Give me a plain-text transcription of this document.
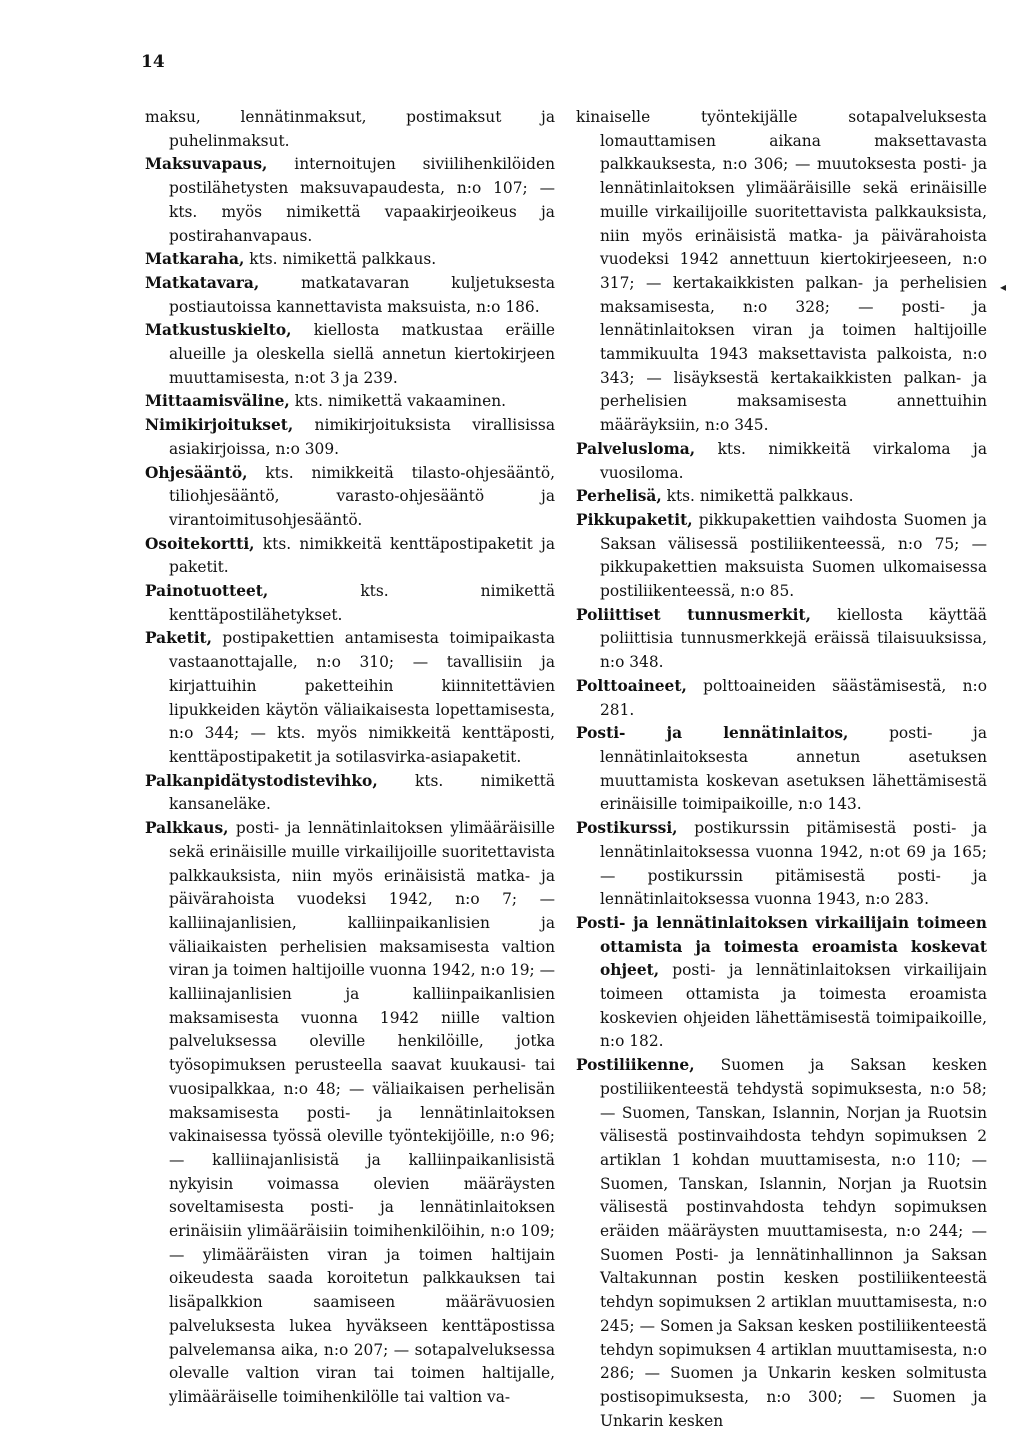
14

maksu, lennätinmaksut, postimaksut ja puhelinmaksut.

Maksuvapaus, internoitujen siviilihenkilöiden postilähetysten maksuvapaudesta, n:o 107; — kts. myös nimikettä vapaakirjeoikeus ja postirahanvapaus.

Matkaraha, kts. nimikettä palkkaus.

Matkatavara, matkatavaran kuljetuksesta postiautoissa kannettavista maksuista, n:o 186.

Matkustuskielto, kiellosta matkustaa eräille alueille ja oleskella siellä annetun kiertokirjeen muuttamisesta, n:ot 3 ja 239.

Mittaamisväline, kts. nimikettä vakaaminen.

Nimikirjoitukset, nimikirjoituksista virallisissa asiakirjoissa, n:o 309.

Ohjesääntö, kts. nimikkeitä tilasto-ohjesääntö, tiliohjesääntö, varasto-ohjesääntö ja virantoimitusohjesääntö.

Osoitekortti, kts. nimikkeitä kenttäpostipaketit ja paketit.

Painotuotteet, kts. nimikettä kenttäpostilähetykset.

Paketit, postipakettien antamisesta toimipaikasta vastaanottajalle, n:o 310; — tavallisiin ja kirjattuihin paketteihin kiinnitettävien lipukkeiden käytön väliaikaisesta lopettamisesta, n:o 344; — kts. myös nimikkeitä kenttäposti, kenttäpostipaketit ja sotilasvirka-asiapaketit.

Palkanpidätystodistevihko, kts. nimikettä kansaneläke.

Palkkaus, posti- ja lennätinlaitoksen ylimääräisille sekä erinäisille muille virkailijoille suoritettavista palkkauksista, niin myös erinäisistä matka- ja päivärahoista vuodeksi 1942, n:o 7; — kalliinajanlisien, kalliinpaikanlisien ja väliaikaisten perhelisien maksamisesta valtion viran ja toimen haltijoille vuonna 1942, n:o 19; — kalliinajanlisien ja kalliinpaikanlisien maksamisesta vuonna 1942 niille valtion palveluksessa oleville henkilöille, jotka työsopimuksen perusteella saavat kuukausi- tai vuosipalkkaa, n:o 48; — väliaikaisen perhelisän maksamisesta posti- ja lennätinlaitoksen vakinaisessa työssä oleville työntekijöille, n:o 96; — kalliinajanlisistä ja kalliinpaikanlisistä nykyisin voimassa olevien määräysten soveltamisesta posti- ja lennätinlaitoksen erinäisiin ylimääräisiin toimihenkilöihin, n:o 109; — ylimääräisten viran ja toimen haltijain oikeudesta saada koroitetun palkkauksen tai lisäpalkkion saamiseen määrävuosien palveluksesta lukea hyväkseen kenttäpostissa palvelemansa aika, n:o 207; — sotapalveluksessa olevalle valtion viran tai toimen haltijalle, ylimääräiselle toimihenkilölle tai valtion va-

kinaiselle työntekijälle sotapalveluksesta lomauttamisen aikana maksettavasta palkkauksesta, n:o 306; — muutoksesta posti- ja lennätinlaitoksen ylimääräisille sekä erinäisille muille virkailijoille suoritettavista palkkauksista, niin myös erinäisistä matka- ja päivärahoista vuodeksi 1942 annettuun kiertokirjeeseen, n:o 317; — kertakaikkisten palkan- ja perhelisien maksamisesta, n:o 328; — posti- ja lennätinlaitoksen viran ja toimen haltijoille tammikuulta 1943 maksettavista palkoista, n:o 343; — lisäyksestä kertakaikkisten palkan- ja perhelisien maksamisesta annettuihin määräyksiin, n:o 345.

Palvelusloma, kts. nimikkeitä virkaloma ja vuosiloma.

Perhelisä, kts. nimikettä palkkaus.

Pikkupaketit, pikkupakettien vaihdosta Suomen ja Saksan välisessä postiliikenteessä, n:o 75; — pikkupakettien maksuista Suomen ulkomaisessa postiliikenteessä, n:o 85.

Poliittiset tunnusmerkit, kiellosta käyttää poliittisia tunnusmerkkejä eräissä tilaisuuksissa, n:o 348.

Polttoaineet, polttoaineiden säästämisestä, n:o 281.

Posti- ja lennätinlaitos, posti- ja lennätinlaitoksesta annetun asetuksen muuttamista koskevan asetuksen lähettämisestä erinäisille toimipaikoille, n:o 143.

Postikurssi, postikurssin pitämisestä posti- ja lennätinlaitoksessa vuonna 1942, n:ot 69 ja 165; — postikurssin pitämisestä posti- ja lennätinlaitoksessa vuonna 1943, n:o 283.

Posti- ja lennätinlaitoksen virkailijain toimeen ottamista ja toimesta eroamista koskevat ohjeet, posti- ja lennätinlaitoksen virkailijain toimeen ottamista ja toimesta eroamista koskevien ohjeiden lähettämisestä toimipaikoille, n:o 182.

Postiliikenne, Suomen ja Saksan kesken postiliikenteestä tehdystä sopimuksesta, n:o 58; — Suomen, Tanskan, Islannin, Norjan ja Ruotsin välisestä postinvaihdosta tehdyn sopimuksen 2 artiklan 1 kohdan muuttamisesta, n:o 110; — Suomen, Tanskan, Islannin, Norjan ja Ruotsin välisestä postinvahdosta tehdyn sopimuksen eräiden määräysten muuttamisesta, n:o 244; — Suomen Posti- ja lennätinhallinnon ja Saksan Valtakunnan postin kesken postiliikenteestä tehdyn sopimuksen 2 artiklan muuttamisesta, n:o 245; — Somen ja Saksan kesken postiliikenteestä tehdyn sopimuksen 4 artiklan muuttamisesta, n:o 286; — Suomen ja Unkarin kesken solmitusta postisopimuksesta, n:o 300; — Suomen ja Unkarin kesken

◂
